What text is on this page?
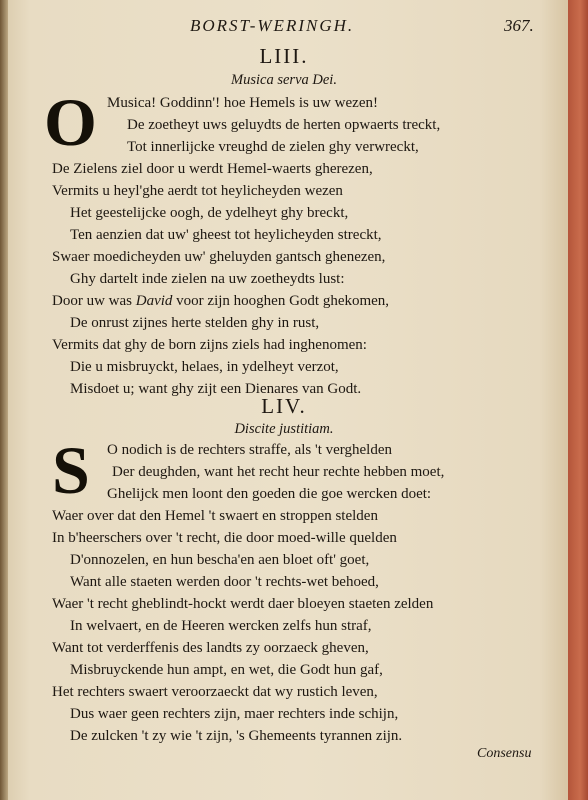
BORST-WERINGH.	367.
LIII.
Musica serva Dei.
O Musica! Goddinn'! hoe Hemels is uw wezen!
De zoetheyt uws geluydts de herten opwaerts treckt,
Tot innerlijcke vreughd de zielen ghy verwreckt,
De Zielens ziel door u werdt Hemel-waerts gherezen,
Vermits u heyl'ghe aerdt tot heylicheyden wezen
Het geestelijcke oogh, de ydelheyt ghy breckt,
Ten aenzien dat uw' gheest tot heylicheyden streckt,
Swaer moedicheyden uw' gheluyden gantsch ghenezen,
Ghy dartelt inde zielen na uw zoetheydts lust:
Door uw was David voor zijn hooghen Godt ghekomen,
De onrust zijnes herte stelden ghy in rust,
Vermits dat ghy de born zijns ziels had inghenomen:
Die u misbruyckt, helaes, in ydelheyt verzot,
Misdoet u; want ghy zijt een Dienares van Godt.
LIV.
Discite justitiam.
S O nodich is de rechters straffe, als 't verghelden
Der deughden, want het recht heur rechte hebben moet,
Ghelijck men loont den goeden die goe wercken doet:
Waer over dat den Hemel 't swaert en stroppen stelden
In b'heerschers over 't recht, die door moed-wille quelden
D'onnozelen, en hun bescha'en aen bloet oft' goet,
Want alle staeten werden door 't rechts-wet behoed,
Waer 't recht gheblindt-hockt werdt daer bloeyen staeten zelden
In welvaert, en de Heeren wercken zelfs hun straf,
Want tot verderffenis des landts zy oorzaeck gheven,
Misbruyckende hun ampt, en wet, die Godt hun gaf,
Het rechters swaert veroorzaeckt dat wy rustich leven,
Dus waer geen rechters zijn, maer rechters inde schijn,
De zulcken 't zy wie 't zijn, 's Ghemeents tyrannen zijn.
Consensu
